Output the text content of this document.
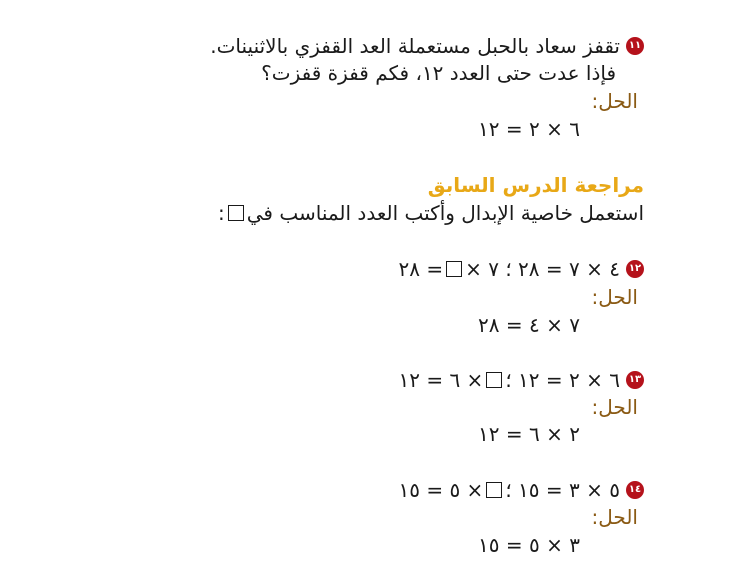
١١تقفز سعاد بالحبل مستعملة العد القفزي بالاثنينات.
فإذا عدت حتى العدد ١٢، فكم قفزة قفزت؟
الحل:
٦ × ٢ = ١٢
مراجعة الدرس السابق
استعمل خاصية الإبدال وأكتب العدد المناسب في:
١٢٤ × ٧ = ٢٨ ؛ ٧ ×= ٢٨
الحل:
٧ × ٤ = ٢٨
١٣٦ × ٢ = ١٢ ؛× ٦ = ١٢
الحل:
٢ × ٦ = ١٢
١٤٥ × ٣ = ١٥ ؛× ٥ = ١٥
الحل:
٣ × ٥ = ١٥
